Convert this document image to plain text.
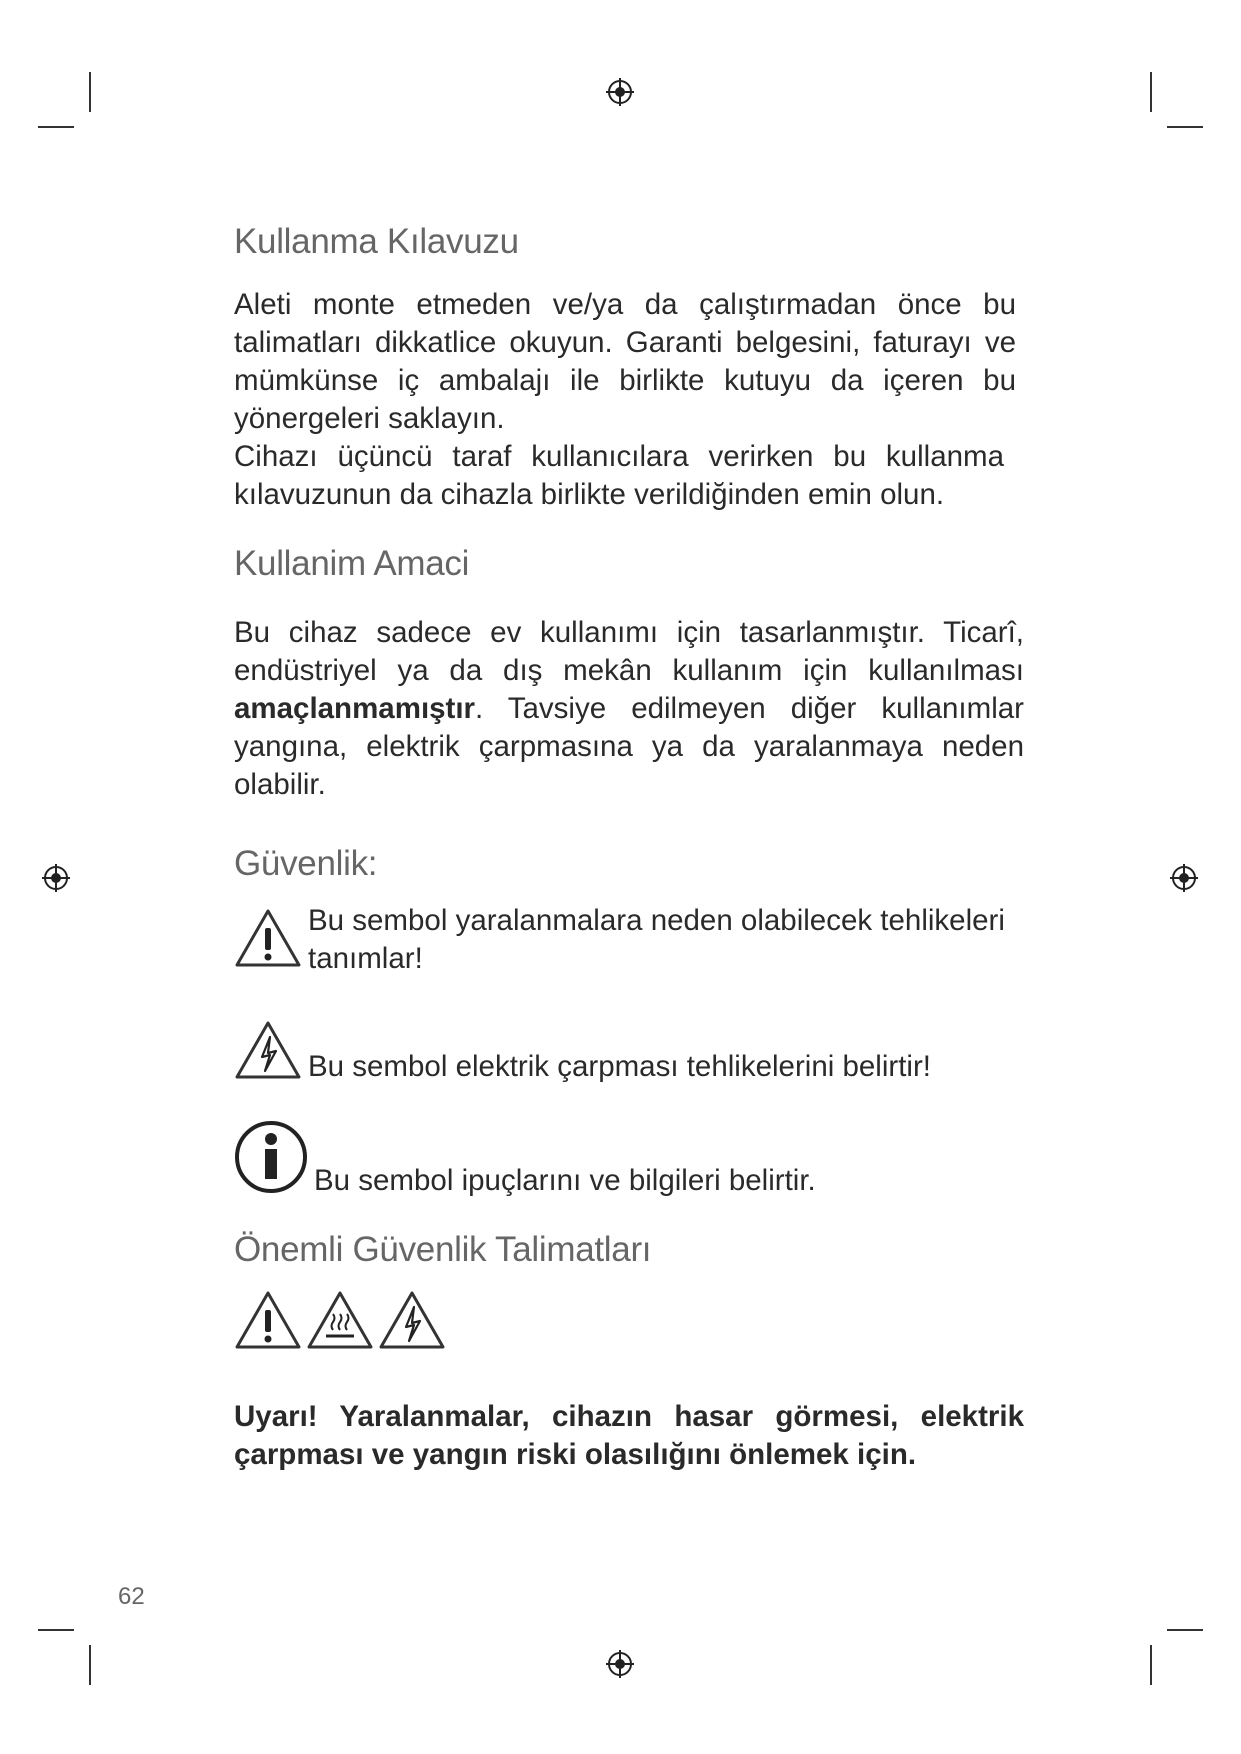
Kullanma Kılavuzu

Aleti monte etmeden ve/ya da çalıştırmadan önce bu talimatları dikkatlice okuyun. Garanti belgesini, faturayı ve mümkünse iç ambalajı ile birlikte kutuyu da içeren bu yönergeleri saklayın.

Cihazı üçüncü taraf kullanıcılara verirken bu kullanma kılavuzunun da cihazla birlikte verildiğinden emin olun.

Kullanim Amaci

Bu cihaz sadece ev kullanımı için tasarlanmıştır. Ticarî, endüstriyel ya da dış mekân kullanım için kullanılması amaçlanmamıştır. Tavsiye edilmeyen diğer kullanımlar yangına, elektrik çarpmasına ya da yaralanmaya neden olabilir.

Güvenlik:
Bu sembol yaralanmalara neden olabilecek tehlikeleri tanımlar!
Bu sembol elektrik çarpması tehlikelerini belirtir!
Bu sembol ipuçlarını ve bilgileri belirtir.
Önemli Güvenlik Talimatları

Uyarı! Yaralanmalar, cihazın hasar görmesi, elektrik çarpması ve yangın riski olasılığını önlemek için.

62
